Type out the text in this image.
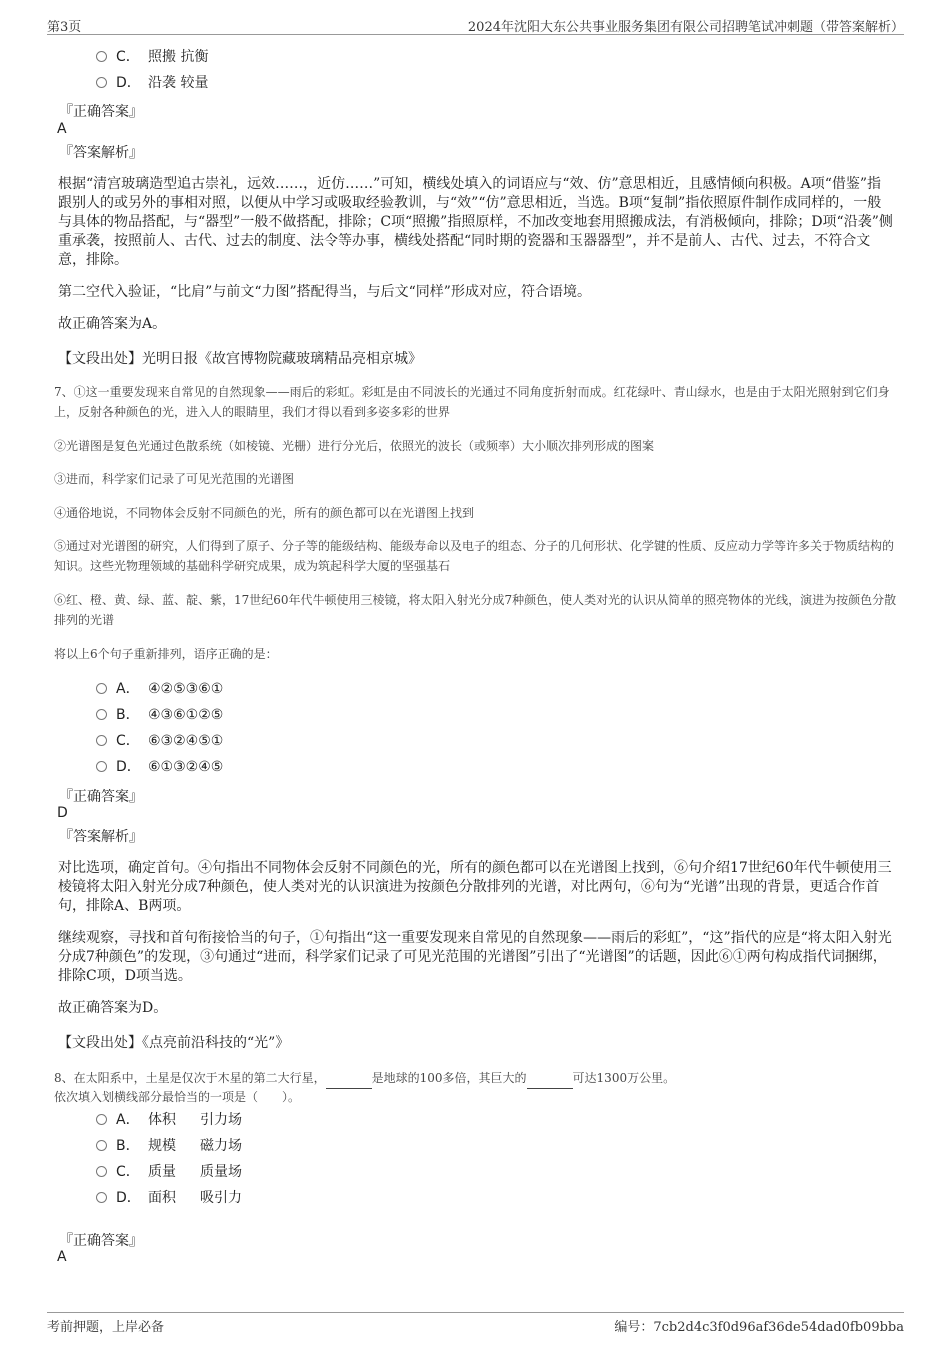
第3页	2024年沈阳大东公共事业服务集团有限公司招聘笔试冲刺题（带答案解析）
C． 照搬 抗衡
D． 沿袭 较量
『正确答案』
A
『答案解析』
根据“清宫玻璃造型追古崇礼，远效……，近仿……”可知，横线处填入的词语应与“效、仿”意思相近，且感情倾向积极。A项“借鉴”指跟别人的或另外的事相对照，以便从中学习或吸取经验教训，与“效”“仿”意思相近，当选。B项“复制”指依照原件制作成同样的，一般与具体的物品搭配，与“器型”一般不做搭配，排除；C项“照搬”指照原样，不加改变地套用照搬成法，有消极倾向，排除；D项“沿袭”侧重承袭，按照前人、古代、过去的制度、法令等办事，横线处搭配“同时期的瓷器和玉器器型”，并不是前人、古代、过去，不符合文意，排除。
第二空代入验证，“比肩”与前文“力图”搭配得当，与后文“同样”形成对应，符合语境。
故正确答案为A。
【文段出处】光明日报《故宫博物院藏玻璃精品亮相京城》
7、①这一重要发现来自常见的自然现象——雨后的彩虹。彩虹是由不同波长的光通过不同角度折射而成。红花绿叶、青山绿水，也是由于太阳光照射到它们身上，反射各种颜色的光，进入人的眼睛里，我们才得以看到多姿多彩的世界
②光谱图是复色光通过色散系统（如棱镜、光栅）进行分光后，依照光的波长（或频率）大小顺次排列形成的图案
③进而，科学家们记录了可见光范围的光谱图
④通俗地说，不同物体会反射不同颜色的光，所有的颜色都可以在光谱图上找到
⑤通过对光谱图的研究，人们得到了原子、分子等的能级结构、能级寿命以及电子的组态、分子的几何形状、化学键的性质、反应动力学等许多关于物质结构的知识。这些光物理领域的基础科学研究成果，成为筑起科学大厦的坚强基石
⑥红、橙、黄、绿、蓝、靛、紫，17世纪60年代牛顿使用三棱镜，将太阳入射光分成7种颜色，使人类对光的认识从简单的照亮物体的光线，演进为按颜色分散排列的光谱
将以上6个句子重新排列，语序正确的是：
A． ④②⑤③⑥①
B． ④③⑥①②⑤
C． ⑥③②④⑤①
D． ⑥①③②④⑤
『正确答案』
D
『答案解析』
对比选项，确定首句。④句指出不同物体会反射不同颜色的光，所有的颜色都可以在光谱图上找到，⑥句介绍17世纪60年代牛顿使用三棱镜将太阳入射光分成7种颜色，使人类对光的认识演进为按颜色分散排列的光谱，对比两句，⑥句为“光谱”出现的背景，更适合作首句，排除A、B两项。
继续观察，寻找和首句衔接恰当的句子，①句指出“这一重要发现来自常见的自然现象——雨后的彩虹”，“这”指代的应是“将太阳入射光分成7种颜色”的发现，③句通过“进而，科学家们记录了可见光范围的光谱图”引出了“光谱图”的话题，因此⑥①两句构成指代词捆绑，排除C项，D项当选。
故正确答案为D。
【文段出处】《点亮前沿科技的“光”》
8、在太阳系中，土星是仅次于木星的第二大行星，	是地球的100多倍，其巨大的	可达1300万公里。
依次填入划横线部分最恰当的一项是（　　）。
A． 体积 引力场
B． 规模 磁力场
C． 质量 质量场
D． 面积 吸引力
『正确答案』
A
考前押题，上岸必备	编号：7cb2d4c3f0d96af36de54dad0fb09bba
